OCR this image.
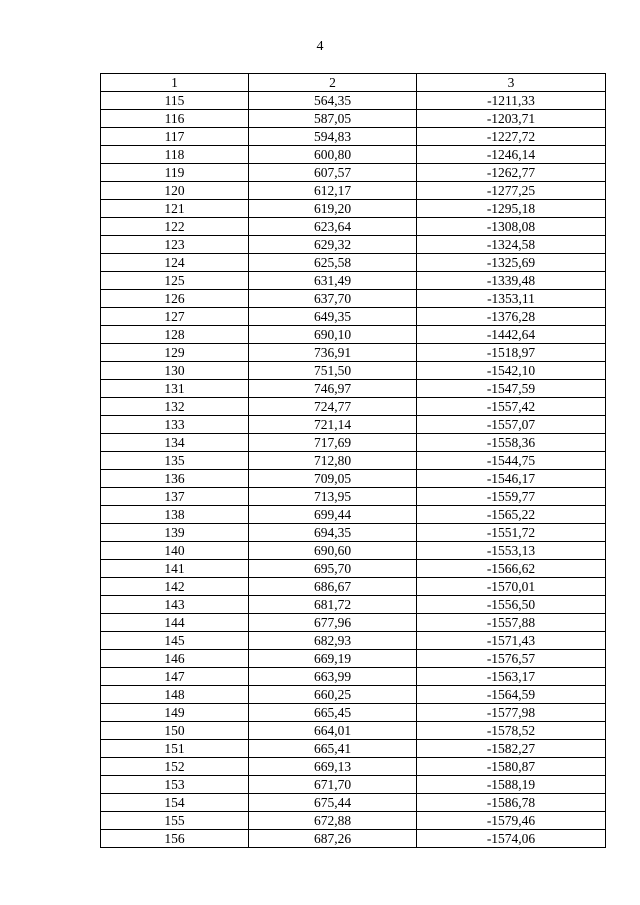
4
1	2	3
115	564,35	-1211,33
116	587,05	-1203,71
117	594,83	-1227,72
118	600,80	-1246,14
119	607,57	-1262,77
120	612,17	-1277,25
121	619,20	-1295,18
122	623,64	-1308,08
123	629,32	-1324,58
124	625,58	-1325,69
125	631,49	-1339,48
126	637,70	-1353,11
127	649,35	-1376,28
128	690,10	-1442,64
129	736,91	-1518,97
130	751,50	-1542,10
131	746,97	-1547,59
132	724,77	-1557,42
133	721,14	-1557,07
134	717,69	-1558,36
135	712,80	-1544,75
136	709,05	-1546,17
137	713,95	-1559,77
138	699,44	-1565,22
139	694,35	-1551,72
140	690,60	-1553,13
141	695,70	-1566,62
142	686,67	-1570,01
143	681,72	-1556,50
144	677,96	-1557,88
145	682,93	-1571,43
146	669,19	-1576,57
147	663,99	-1563,17
148	660,25	-1564,59
149	665,45	-1577,98
150	664,01	-1578,52
151	665,41	-1582,27
152	669,13	-1580,87
153	671,70	-1588,19
154	675,44	-1586,78
155	672,88	-1579,46
156	687,26	-1574,06
